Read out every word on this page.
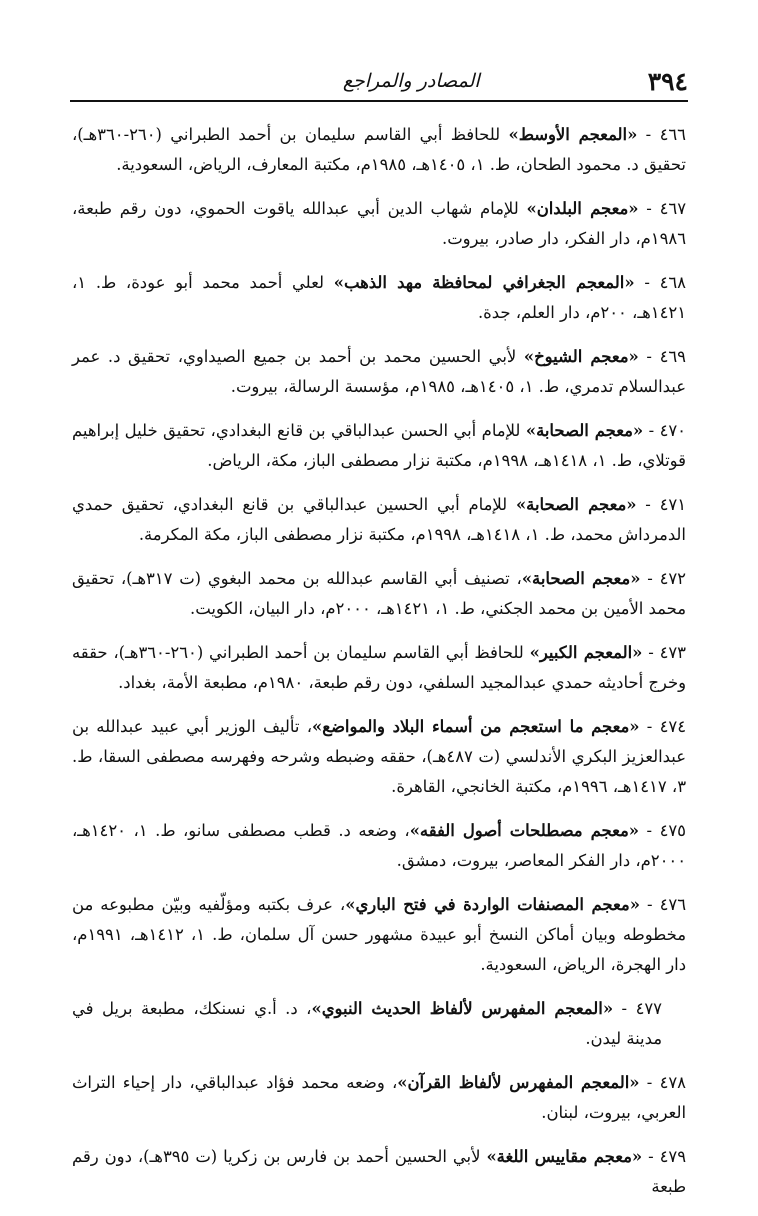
٣٩٤
المصادر والمراجع

٤٦٦ - «المعجم الأوسط» للحافظ أبي القاسم سليمان بن أحمد الطبراني (٢٦٠-٣٦٠هـ)، تحقيق د. محمود الطحان، ط. ١، ١٤٠٥هـ، ١٩٨٥م، مكتبة المعارف، الرياض، السعودية.

٤٦٧ - «معجم البلدان» للإمام شهاب الدين أبي عبدالله ياقوت الحموي، دون رقم طبعة، ١٩٨٦م، دار الفكر، دار صادر، بيروت.

٤٦٨ - «المعجم الجغرافي لمحافظة مهد الذهب» لعلي أحمد محمد أبو عودة، ط. ١، ١٤٢١هـ، ٢٠٠م، دار العلم، جدة.

٤٦٩ - «معجم الشيوخ» لأبي الحسين محمد بن أحمد بن جميع الصيداوي، تحقيق د. عمر عبدالسلام تدمري، ط. ١، ١٤٠٥هـ، ١٩٨٥م، مؤسسة الرسالة، بيروت.

٤٧٠ - «معجم الصحابة» للإمام أبي الحسن عبدالباقي بن قانع البغدادي، تحقيق خليل إبراهيم قوتلاي، ط. ١، ١٤١٨هـ، ١٩٩٨م، مكتبة نزار مصطفى الباز، مكة، الرياض.

٤٧١ - «معجم الصحابة» للإمام أبي الحسين عبدالباقي بن قانع البغدادي، تحقيق حمدي الدمرداش محمد، ط. ١، ١٤١٨هـ، ١٩٩٨م، مكتبة نزار مصطفى الباز، مكة المكرمة.

٤٧٢ - «معجم الصحابة»، تصنيف أبي القاسم عبدالله بن محمد البغوي (ت ٣١٧هـ)، تحقيق محمد الأمين بن محمد الجكني، ط. ١، ١٤٢١هـ، ٢٠٠٠م، دار البيان، الكويت.

٤٧٣ - «المعجم الكبير» للحافظ أبي القاسم سليمان بن أحمد الطبراني (٢٦٠-٣٦٠هـ)، حققه وخرج أحاديثه حمدي عبدالمجيد السلفي، دون رقم طبعة، ١٩٨٠م، مطبعة الأمة، بغداد.

٤٧٤ - «معجم ما استعجم من أسماء البلاد والمواضع»، تأليف الوزير أبي عبيد عبدالله بن عبدالعزيز البكري الأندلسي (ت ٤٨٧هـ)، حققه وضبطه وشرحه وفهرسه مصطفى السقا، ط. ٣، ١٤١٧هـ، ١٩٩٦م، مكتبة الخانجي، القاهرة.

٤٧٥ - «معجم مصطلحات أصول الفقه»، وضعه د. قطب مصطفى سانو، ط. ١، ١٤٢٠هـ، ٢٠٠٠م، دار الفكر المعاصر، بيروت، دمشق.

٤٧٦ - «معجم المصنفات الواردة في فتح الباري»، عرف بكتبه ومؤلّفيه وبيّن مطبوعه من مخطوطه وبيان أماكن النسخ أبو عبيدة مشهور حسن آل سلمان، ط. ١، ١٤١٢هـ، ١٩٩١م، دار الهجرة، الرياض، السعودية.

٤٧٧ - «المعجم المفهرس لألفاظ الحديث النبوي»، د. أ.ي نسنكك، مطبعة بريل في مدينة ليدن.

٤٧٨ - «المعجم المفهرس لألفاظ القرآن»، وضعه محمد فؤاد عبدالباقي، دار إحياء التراث العربي، بيروت، لبنان.

٤٧٩ - «معجم مقاييس اللغة» لأبي الحسين أحمد بن فارس بن زكريا (ت ٣٩٥هـ)، دون رقم طبعة
